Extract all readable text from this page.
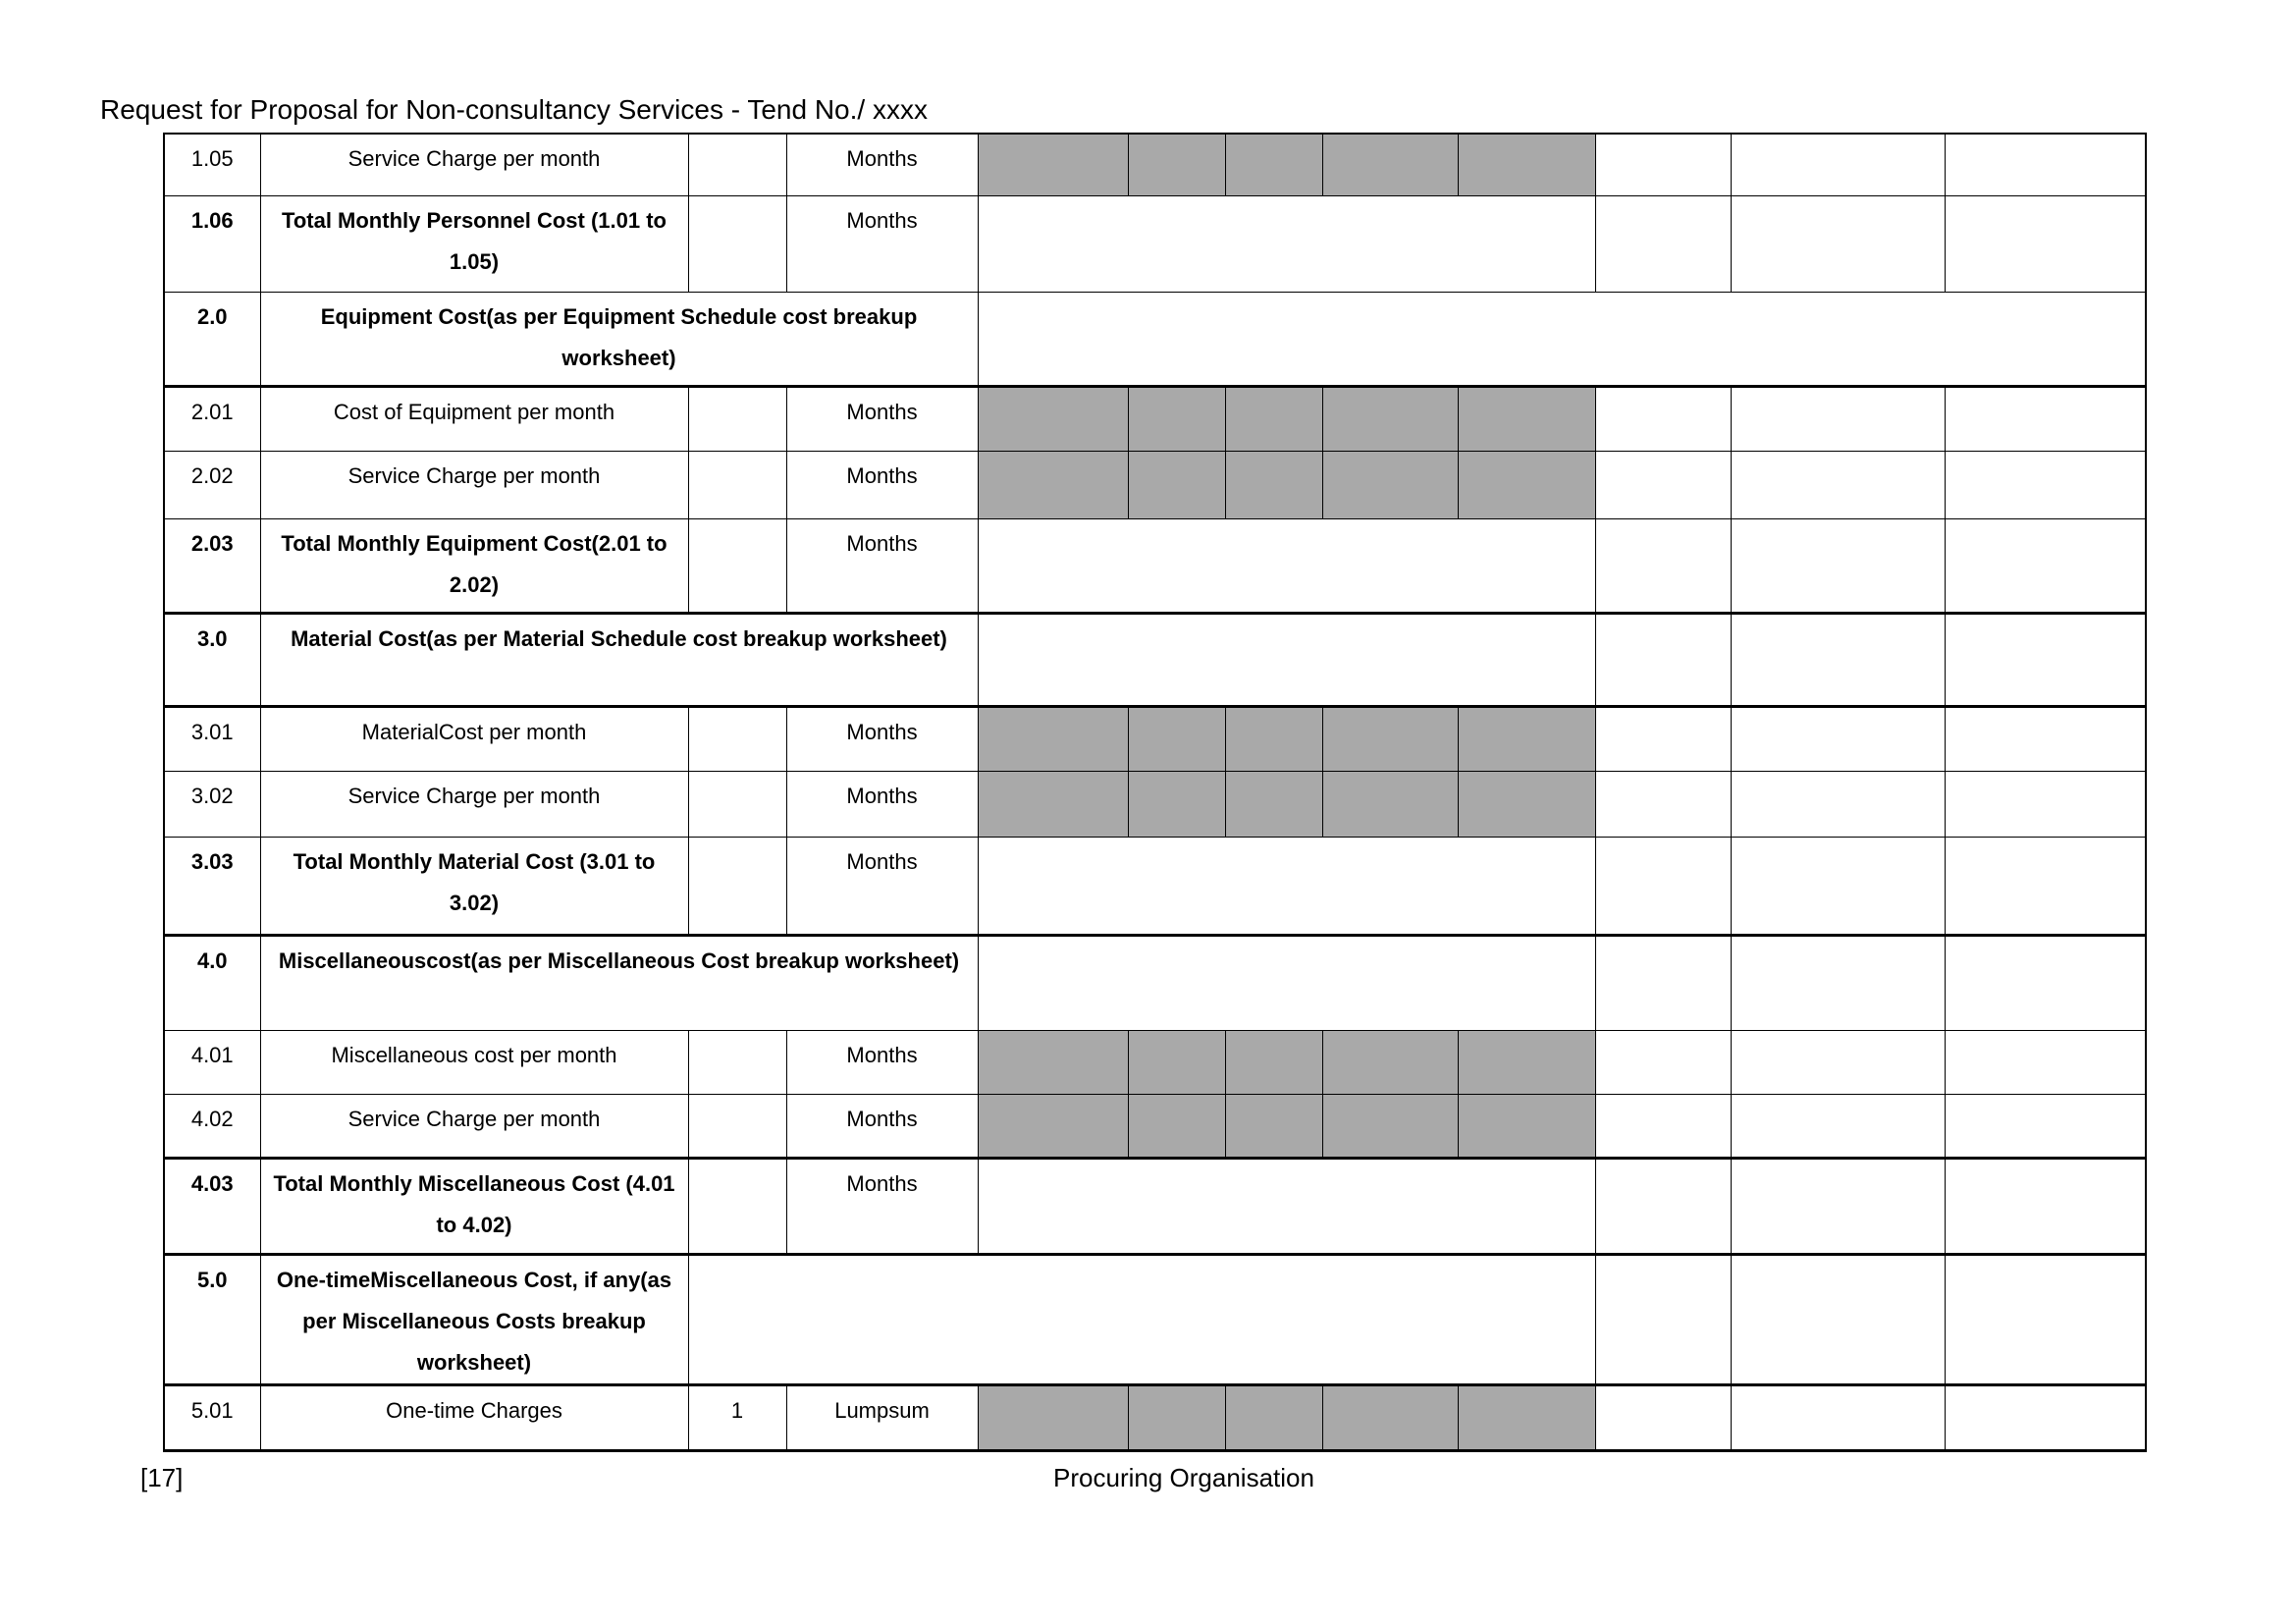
Request for Proposal for Non-consultancy Services - Tend No./ xxxx
1.05	Service Charge per month		Months								
1.06	Total Monthly Personnel Cost (1.01 to 1.05)		Months								
2.0	Equipment Cost(as per Equipment Schedule cost breakup worksheet)										
2.01	Cost of Equipment per month		Months								
2.02	Service Charge per month		Months								
2.03	Total Monthly Equipment Cost(2.01 to 2.02)		Months								
3.0	Material Cost(as per Material Schedule cost breakup worksheet)										
3.01	MaterialCost per month		Months								
3.02	Service Charge per month		Months								
3.03	Total Monthly Material Cost (3.01 to 3.02)		Months								
4.0	Miscellaneouscost(as per Miscellaneous Cost breakup worksheet)										
4.01	Miscellaneous cost per month		Months								
4.02	Service Charge per month		Months								
4.03	Total Monthly Miscellaneous Cost (4.01 to 4.02)		Months								
5.0	One-timeMiscellaneous Cost, if any(as per Miscellaneous Costs breakup worksheet)										
5.01	One-time Charges	1	Lumpsum								
[17]	Procuring Organisation
